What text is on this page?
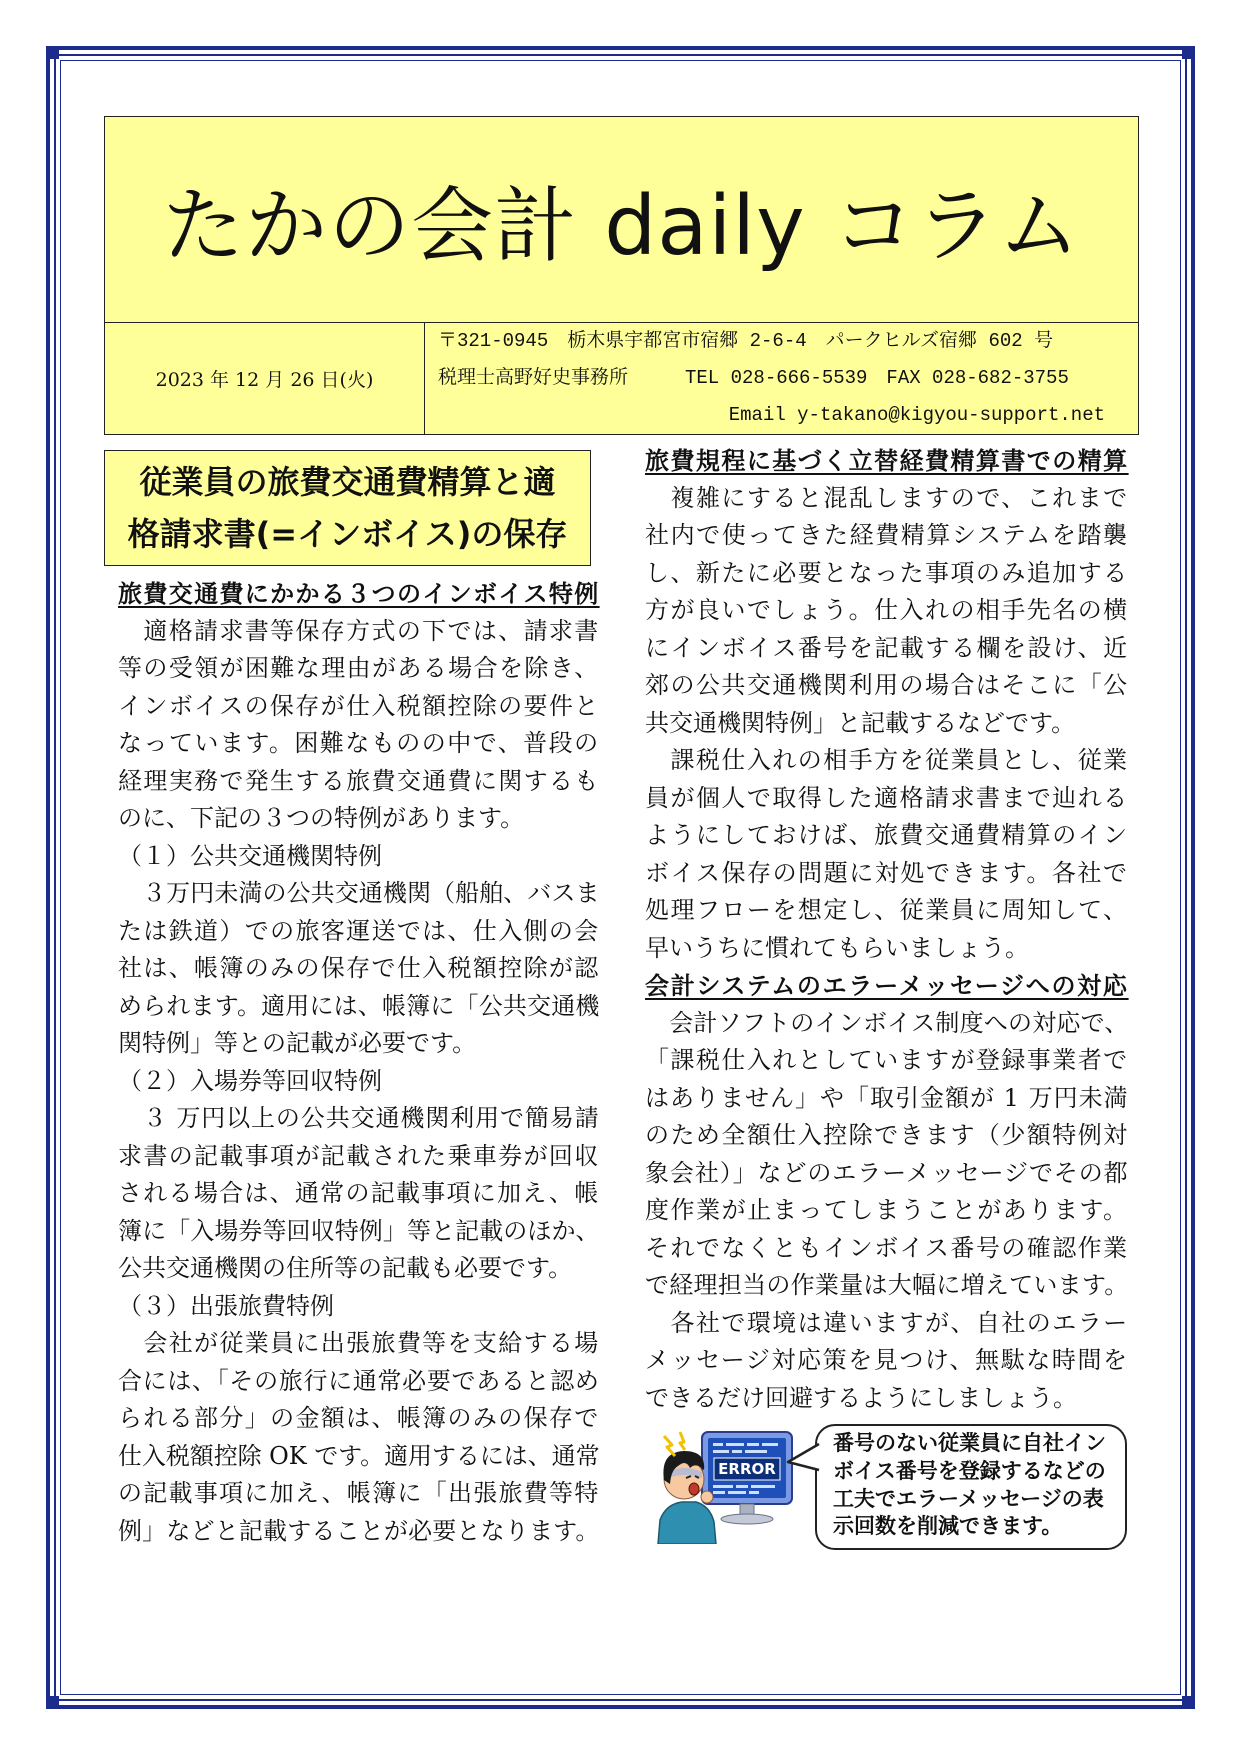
たかの会計 daily コラム
2023 年 12 月 26 日(火)
〒321-0945　栃木県宇都宮市宿郷 2-6-4　パークヒルズ宿郷 602 号
税理士高野好史事務所　　　TEL 028-666-5539　FAX 028-682-3755
Email y-takano@kigyou-support.net
従業員の旅費交通費精算と適
格請求書(=インボイス)の保存
旅費交通費にかかる３つのインボイス特例
　適格請求書等保存方式の下では、請求書
等の受領が困難な理由がある場合を除き、
インボイスの保存が仕入税額控除の要件と
なっています。困難なものの中で、普段の
経理実務で発生する旅費交通費に関するも
のに、下記の３つの特例があります。
（１）公共交通機関特例
　３万円未満の公共交通機関（船舶、バスま
たは鉄道）での旅客運送では、仕入側の会
社は、帳簿のみの保存で仕入税額控除が認
められます。適用には、帳簿に「公共交通機
関特例」等との記載が必要です。
（２）入場券等回収特例
　３ 万円以上の公共交通機関利用で簡易請
求書の記載事項が記載された乗車券が回収
される場合は、通常の記載事項に加え、帳
簿に「入場券等回収特例」等と記載のほか、
公共交通機関の住所等の記載も必要です。
（３）出張旅費特例
　会社が従業員に出張旅費等を支給する場
合には、「その旅行に通常必要であると認め
られる部分」の金額は、帳簿のみの保存で
仕入税額控除 OK です。適用するには、通常
の記載事項に加え、帳簿に「出張旅費等特
例」などと記載することが必要となります。
旅費規程に基づく立替経費精算書での精算
　複雑にすると混乱しますので、これまで
社内で使ってきた経費精算システムを踏襲
し、新たに必要となった事項のみ追加する
方が良いでしょう。仕入れの相手先名の横
にインボイス番号を記載する欄を設け、近
郊の公共交通機関利用の場合はそこに「公
共交通機関特例」と記載するなどです。
　課税仕入れの相手方を従業員とし、従業
員が個人で取得した適格請求書まで辿れる
ようにしておけば、旅費交通費精算のイン
ボイス保存の問題に対処できます。各社で
処理フローを想定し、従業員に周知して、
早いうちに慣れてもらいましょう。
会計システムのエラーメッセージへの対応
　会計ソフトのインボイス制度への対応で、
「課税仕入れとしていますが登録事業者で
はありません」や「取引金額が 1 万円未満
のため全額仕入控除できます（少額特例対
象会社）」などのエラーメッセージでその都
度作業が止まってしまうことがあります。
それでなくともインボイス番号の確認作業
で経理担当の作業量は大幅に増えています。
　各社で環境は違いますが、自社のエラー
メッセージ対応策を見つけ、無駄な時間を
できるだけ回避するようにしましょう。
ERROR
番号のない従業員に自社イン
ボイス番号を登録するなどの
工夫でエラーメッセージの表
示回数を削減できます。
